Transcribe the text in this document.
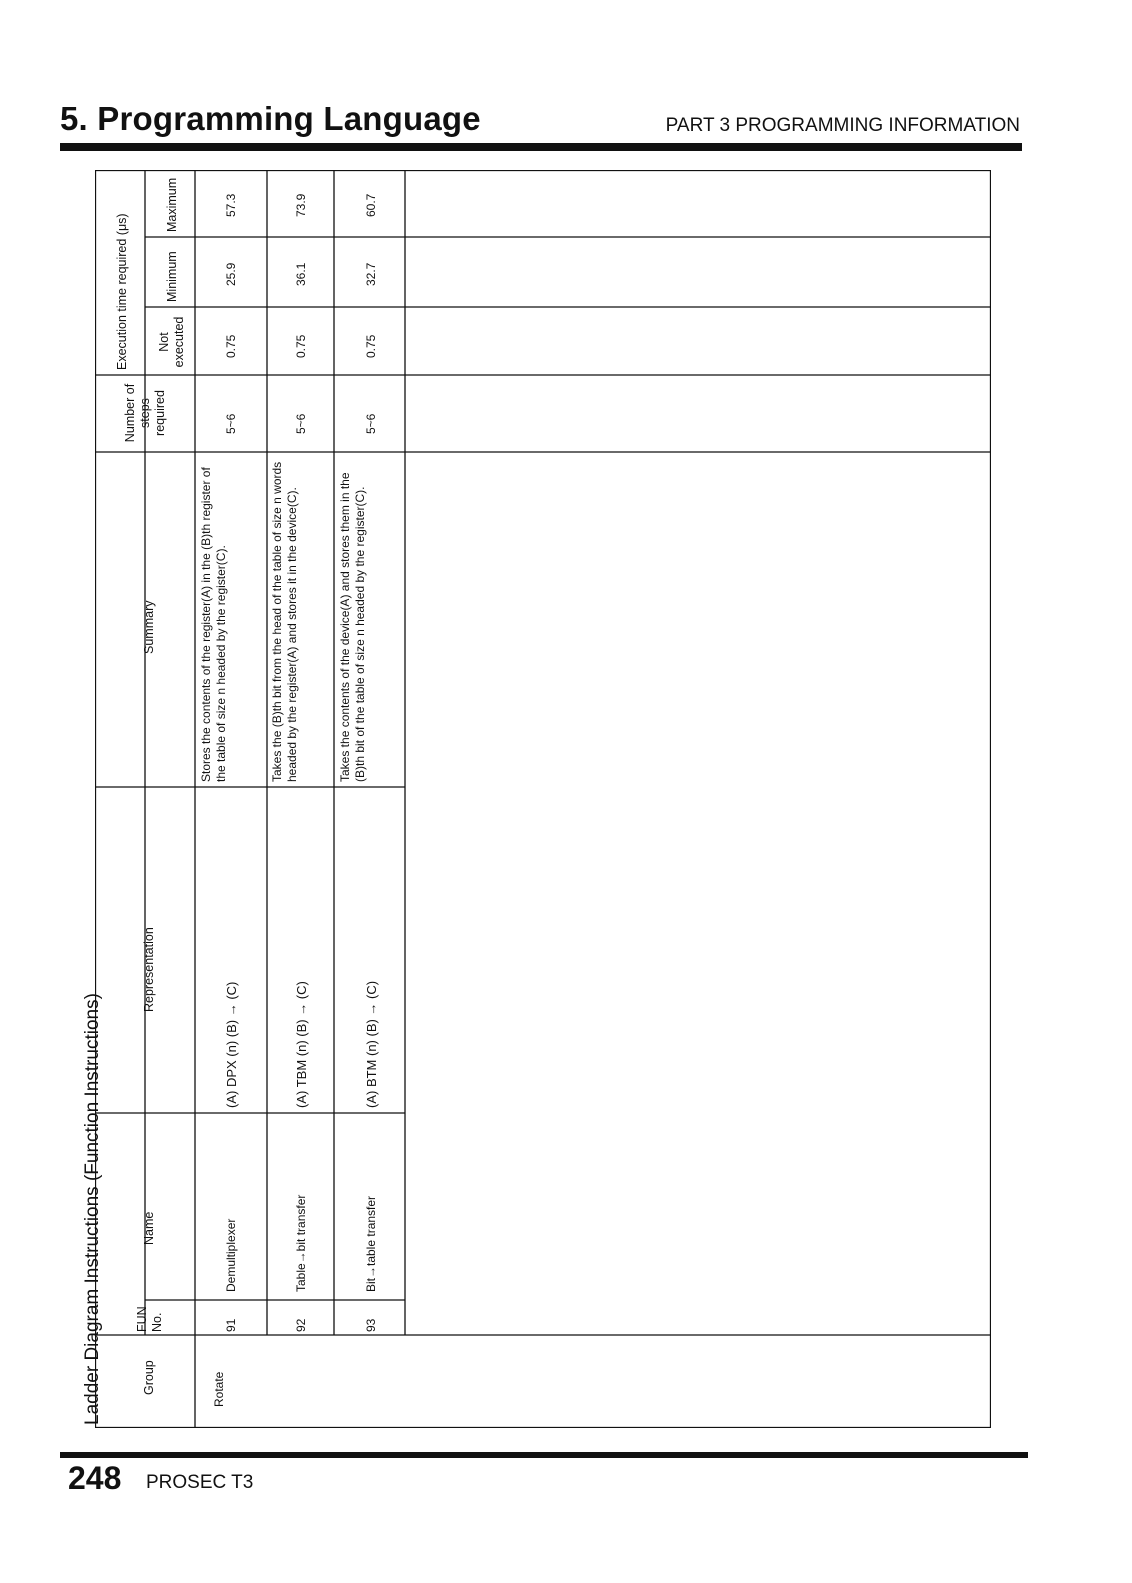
5. Programming Language	PART 3 PROGRAMMING INFORMATION
Ladder Diagram Instructions (Function Instructions)	Group
FUN No.
Name
Representation
Summary
Number of steps required
Execution time required (μs) Not executed
Minimum
Maximum
Rotate
91
Demultiplexer
(A) DPX (n) (B) → (C)
Stores the contents of the register(A) in the (B)th register of the table of size n headed by the register(C).
5~6
0.75
25.9
57.3
92
Table→bit transfer
(A) TBM (n) (B) → (C)
Takes the (B)th bit from the head of the table of size n words headed by the register(A) and stores it in the device(C).
5~6
0.75
36.1
73.9
93
Bit→table transfer
(A) BTM (n) (B) → (C)
Takes the contents of the device(A) and stores them in the (B)th bit of the table of size n headed by the register(C).
5~6
0.75
32.7
60.7
248 PROSEC T3
